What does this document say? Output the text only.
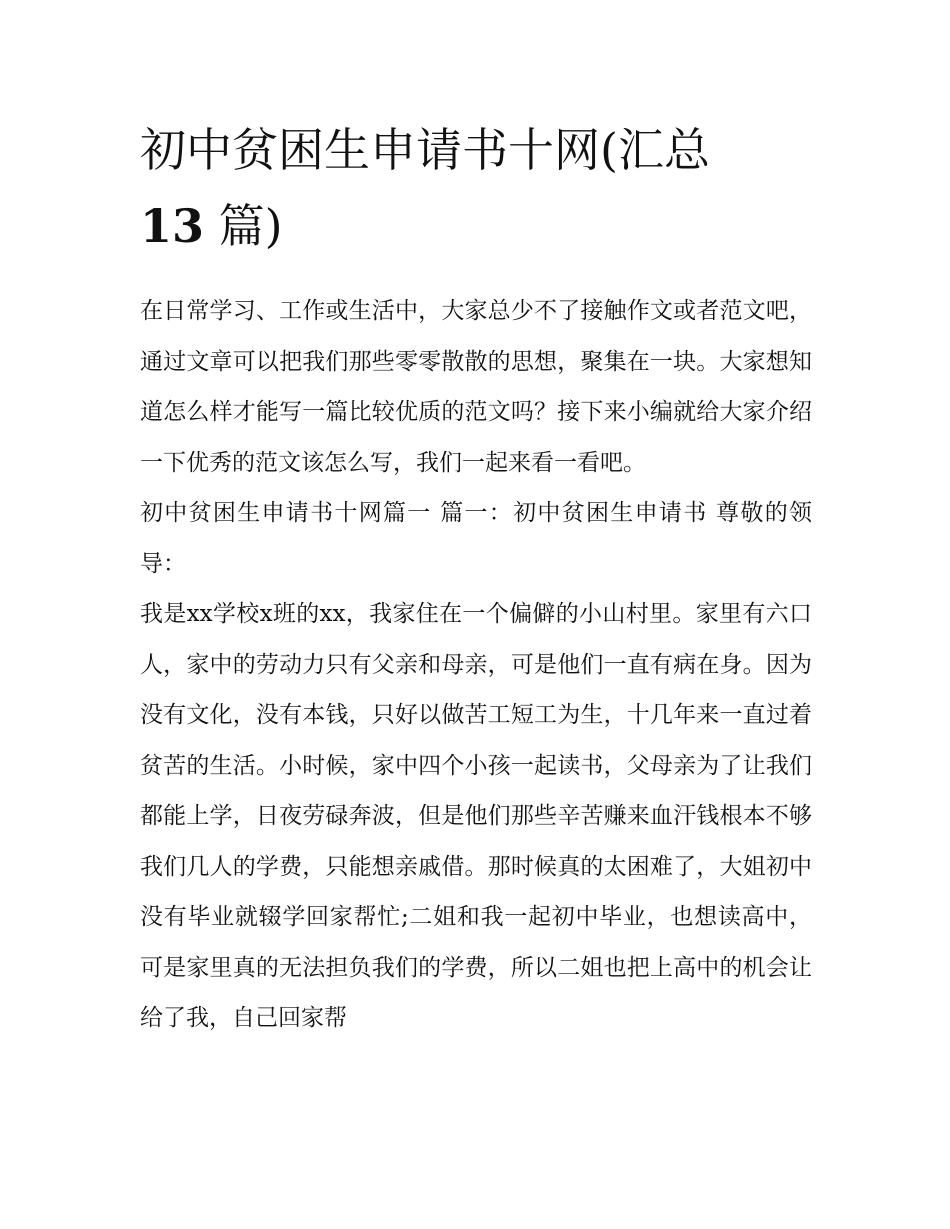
初中贫困生申请书十网(汇总
13 篇)

在日常学习、工作或生活中，大家总少不了接触作文或者范文吧，通过文章可以把我们那些零零散散的思想，聚集在一块。大家想知道怎么样才能写一篇比较优质的范文吗？接下来小编就给大家介绍一下优秀的范文该怎么写，我们一起来看一看吧。

初中贫困生申请书十网篇一 篇一：初中贫困生申请书 尊敬的领导：

我是xx学校x班的xx，我家住在一个偏僻的小山村里。家里有六口人，家中的劳动力只有父亲和母亲，可是他们一直有病在身。因为没有文化，没有本钱，只好以做苦工短工为生，十几年来一直过着贫苦的生活。小时候，家中四个小孩一起读书，父母亲为了让我们都能上学，日夜劳碌奔波，但是他们那些辛苦赚来血汗钱根本不够我们几人的学费，只能想亲戚借。那时候真的太困难了，大姐初中没有毕业就辍学回家帮忙;二姐和我一起初中毕业，也想读高中，可是家里真的无法担负我们的学费，所以二姐也把上高中的机会让给了我，自己回家帮
